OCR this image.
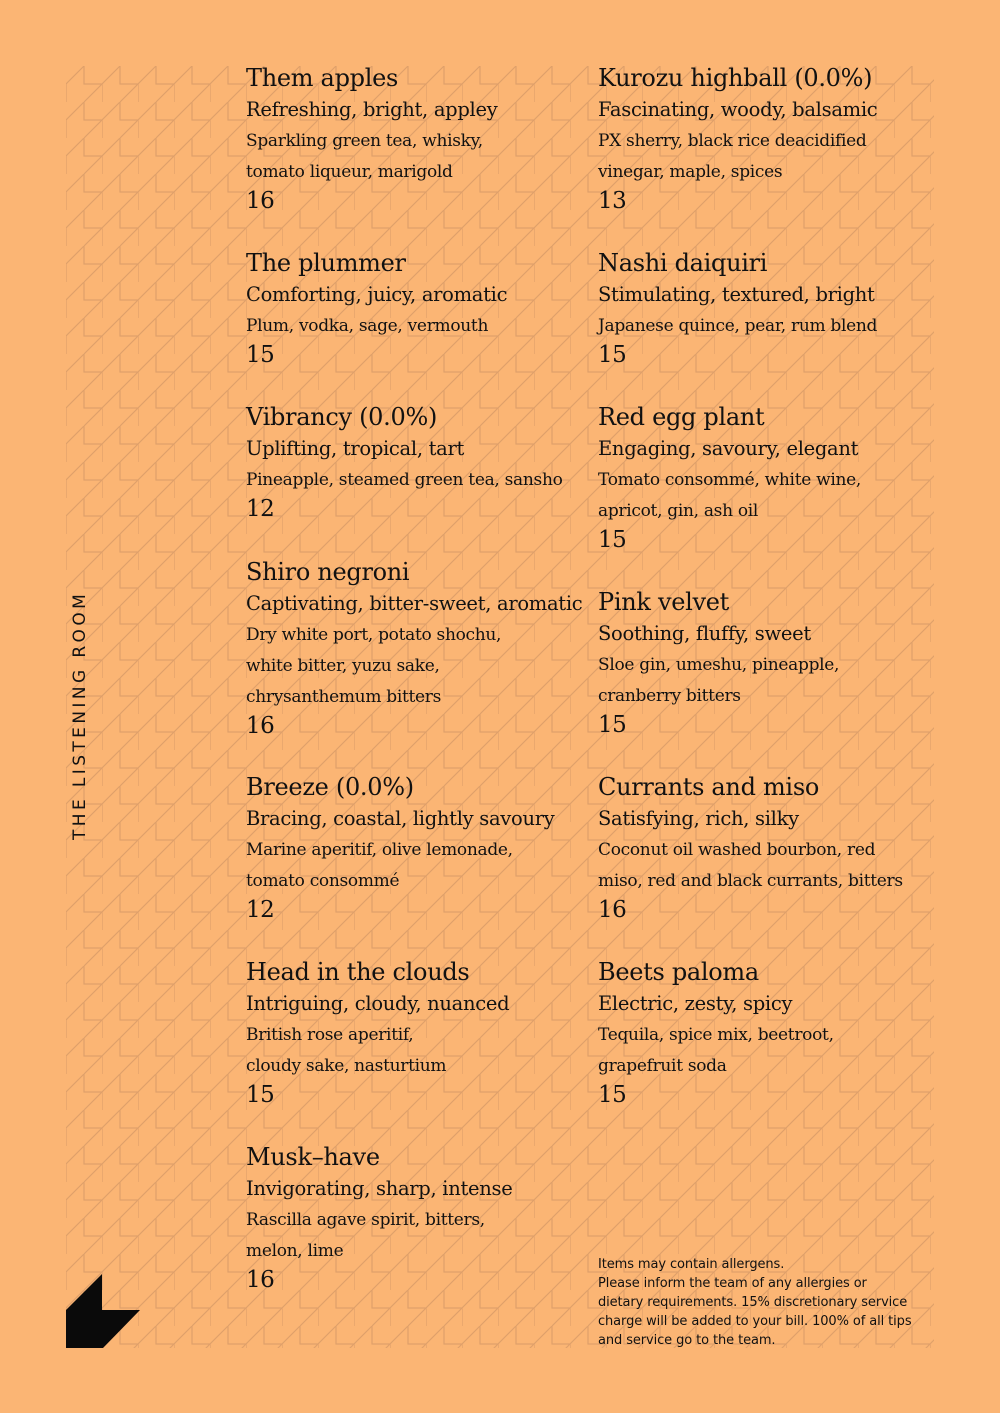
THE LISTENING ROOM
Them apples
Refreshing, bright, appley
Sparkling green tea, whisky,
tomato liqueur, marigold
16
The plummer
Comforting, juicy, aromatic
Plum, vodka, sage, vermouth
15
Vibrancy (0.0%)
Uplifting, tropical, tart
Pineapple, steamed green tea, sansho
12
Shiro negroni
Captivating, bitter-sweet, aromatic
Dry white port, potato shochu,
white bitter, yuzu sake,
chrysanthemum bitters
16
Breeze (0.0%)
Bracing, coastal, lightly savoury
Marine aperitif, olive lemonade,
tomato consommé
12
Head in the clouds
Intriguing, cloudy, nuanced
British rose aperitif,
cloudy sake, nasturtium
15
Musk–have
Invigorating, sharp, intense
Rascilla agave spirit, bitters,
melon, lime
16
Kurozu highball (0.0%)
Fascinating, woody, balsamic
PX sherry, black rice deacidified
vinegar, maple, spices
13
Nashi daiquiri
Stimulating, textured, bright
Japanese quince, pear, rum blend
15
Red egg plant
Engaging, savoury, elegant
Tomato consommé, white wine,
apricot, gin, ash oil
15
Pink velvet
Soothing, fluffy, sweet
Sloe gin, umeshu, pineapple,
cranberry bitters
15
Currants and miso
Satisfying, rich, silky
Coconut oil washed bourbon, red
miso, red and black currants, bitters
16
Beets paloma
Electric, zesty, spicy
Tequila, spice mix, beetroot,
grapefruit soda
15
Items may contain allergens.
Please inform the team of any allergies or
dietary requirements. 15% discretionary service
charge will be added to your bill. 100% of all tips
and service go to the team.
